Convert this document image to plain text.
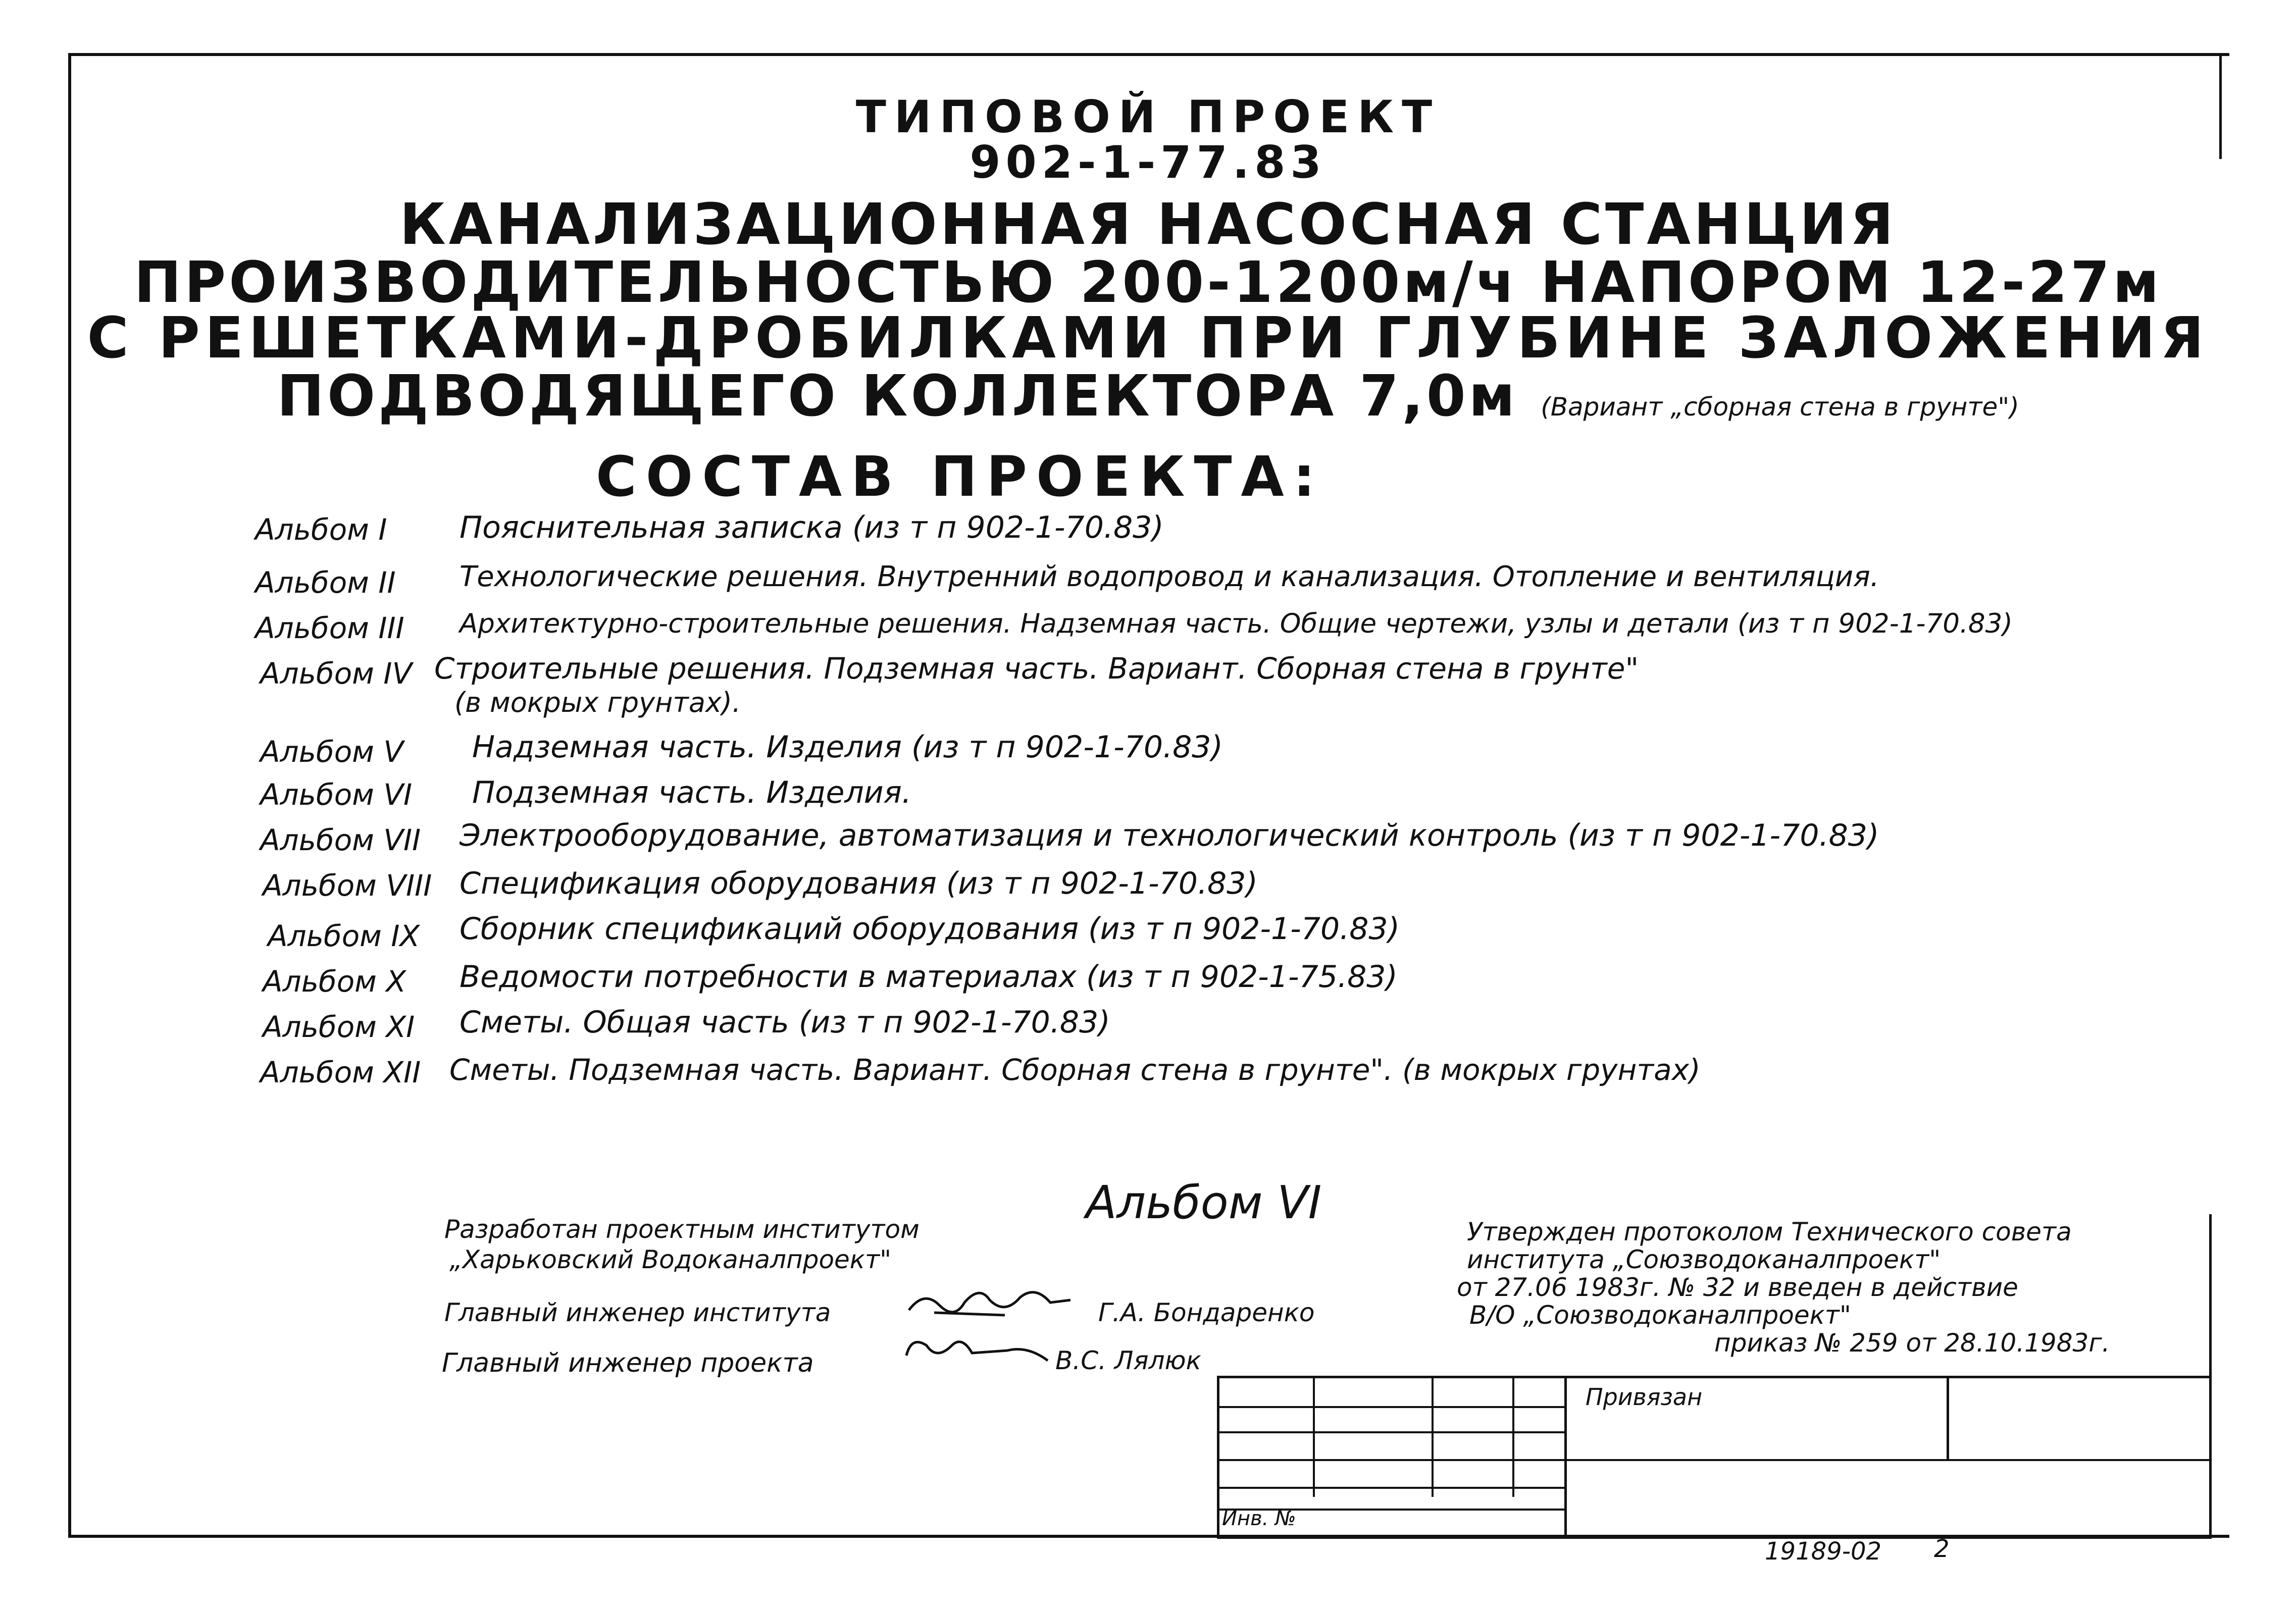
ТИПОВОЙ ПРОЕКТ
902-1-77.83
КАНАЛИЗАЦИОННАЯ НАСОСНАЯ СТАНЦИЯ
ПРОИЗВОДИТЕЛЬНОСТЬЮ 200-1200м/ч НАПОРОМ 12-27м
С РЕШЕТКАМИ-ДРОБИЛКАМИ ПРИ ГЛУБИНЕ ЗАЛОЖЕНИЯ
ПОДВОДЯЩЕГО КОЛЛЕКТОРА 7,0м (Вариант „сборная стена в грунте")
СОСТАВ ПРОЕКТА:
Альбом I Пояснительная записка (из т п 902-1-70.83)
Альбом II Технологические решения. Внутренний водопровод и канализация. Отопление и вентиляция.
Альбом III Архитектурно-строительные решения. Надземная часть. Общие чертежи, узлы и детали (из т п 902-1-70.83)
Альбом IV Строительные решения. Подземная часть. Вариант. Сборная стена в грунте"
(в мокрых грунтах).
Альбом V Надземная часть. Изделия (из т п 902-1-70.83)
Альбом VI Подземная часть. Изделия.
Альбом VII Электрооборудование, автоматизация и технологический контроль (из т п 902-1-70.83)
Альбом VIII Спецификация оборудования (из т п 902-1-70.83)
Альбом IX Сборник спецификаций оборудования (из т п 902-1-70.83)
Альбом X Ведомости потребности в материалах (из т п 902-1-75.83)
Альбом XI Сметы. Общая часть (из т п 902-1-70.83)
Альбом XII Сметы. Подземная часть. Вариант. Сборная стена в грунте". (в мокрых грунтах)
Альбом VI
Разработан проектным институтом
„Харьковский Водоканалпроект"
Главный инженер института	Г.А. Бондаренко
Главный инженер проекта	В.С. Лялюк
Утвержден протоколом Технического совета
института „Союзводоканалпроект"
от 27.06 1983г. № 32 и введен в действие
В/О „Союзводоканалпроект"
приказ № 259 от 28.10.1983г.
Привязан
Инв. №
19189-02 2
